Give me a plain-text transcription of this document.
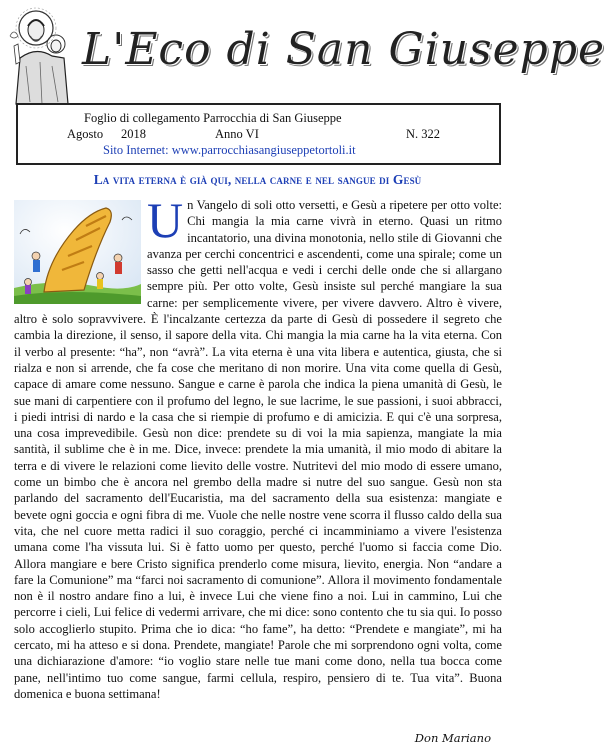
L'Eco di San Giuseppe
Foglio di collegamento Parrocchia di San Giuseppe
Agosto 2018	Anno VI	N. 322
Sito Internet: www.parrocchiasangiuseppetortoli.it
La vita eterna è già qui, nella carne e nel sangue di Gesù
U n Vangelo di soli otto versetti, e Gesù a ripetere per otto volte: Chi mangia la mia carne vivrà in eterno. Quasi un ritmo incantatorio, una divina monotonia, nello stile di Giovanni che avanza per cerchi concentrici e ascendenti, come una spirale; come un sasso che getti nell'acqua e vedi i cerchi delle onde che si allargano sempre più. Per otto volte, Gesù insiste sul perché mangiare la sua carne: per semplicemente vivere, per vivere davvero. Altro è vivere, altro è solo sopravvivere. È l'incalzante certezza da parte di Gesù di possedere il segreto che cambia la direzione, il senso, il sapore della vita. Chi mangia la mia carne ha la vita eterna. Con il verbo al presente: “ha”, non “avrà”. La vita eterna è una vita libera e autentica, giusta, che si rialza e non si arrende, che fa cose che meritano di non morire. Una vita come quella di Gesù, capace di amare come nessuno. Sangue e carne è parola che indica la piena umanità di Gesù, le sue mani di carpentiere con il profumo del legno, le sue lacrime, le sue passioni, i suoi abbracci, i piedi intrisi di nardo e la casa che si riempie di profumo e di amicizia. E qui c'è una sorpresa, una cosa imprevedibile. Gesù non dice: prendete su di voi la mia sapienza, mangiate la mia santità, il sublime che è in me. Dice, invece: prendete la mia umanità, il mio modo di abitare la terra e di vivere le relazioni come lievito delle vostre. Nutritevi del mio modo di essere umano, come un bimbo che è ancora nel grembo della madre si nutre del suo sangue. Gesù non sta parlando del sacramento dell'Eucaristia, ma del sacramento della sua esistenza: mangiate e bevete ogni goccia e ogni fibra di me. Vuole che nelle nostre vene scorra il flusso caldo della sua vita, che nel cuore metta radici il suo coraggio, perché ci incamminiamo a vivere l'esistenza umana come l'ha vissuta lui. Si è fatto uomo per questo, perché l'uomo si faccia come Dio. Allora mangiare e bere Cristo significa prenderlo come misura, lievito, energia. Non “andare a fare la Comunione” ma “farci noi sacramento di comunione”. Allora il movimento fondamentale non è il nostro andare fino a lui, è invece Lui che viene fino a noi. Lui in cammino, Lui che percorre i cieli, Lui felice di vedermi arrivare, che mi dice: sono contento che tu sia qui. Io posso solo accoglierlo stupito. Prima che io dica: “ho fame”, ha detto: “Prendete e mangiate”, mi ha cercato, mi ha atteso e si dona. Prendete, mangiate! Parole che mi sorprendono ogni volta, come una dichiarazione d'amore: “io voglio stare nelle tue mani come dono, nella tua bocca come pane, nell'intimo tuo come sangue, farmi cellula, respiro, pensiero di te. Tua vita”. Buona domenica e buona settimana!
Don Mariano
